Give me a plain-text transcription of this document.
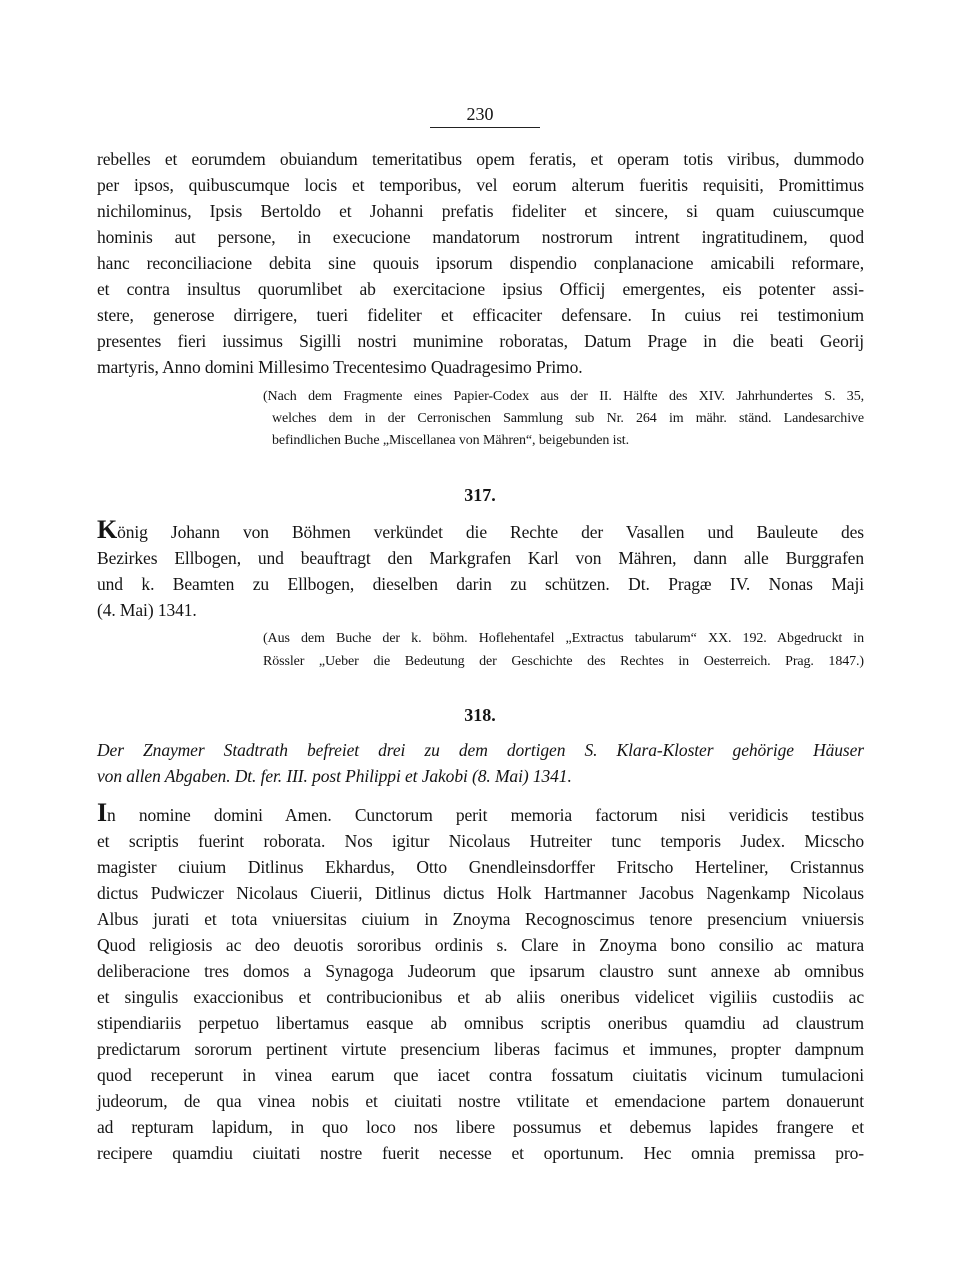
230
rebelles et eorumdem obuiandum temeritatibus opem feratis, et operam totis viribus, dummodo
per ipsos, quibuscumque locis et temporibus, vel eorum alterum fueritis requisiti, Promittimus
nichilominus, Ipsis Bertoldo et Johanni prefatis fideliter et sincere, si quam cuiuscumque
hominis aut persone, in execucione mandatorum nostrorum intrent ingratitudinem, quod
hanc reconciliacione debita sine quouis ipsorum dispendio conplanacione amicabili reformare,
et contra insultus quorumlibet ab exercitacione ipsius Officij emergentes, eis potenter assi-
stere, generose dirrigere, tueri fideliter et efficaciter defensare. In cuius rei testimonium
presentes fieri iussimus Sigilli nostri munimine roboratas, Datum Prage in die beati Georij
martyris, Anno domini Millesimo Trecentesimo Quadragesimo Primo.
(Nach dem Fragmente eines Papier-Codex aus der II. Hälfte des XIV. Jahrhundertes S. 35,
welches dem in der Cerronischen Sammlung sub Nr. 264 im mähr. ständ. Landesarchive
befindlichen Buche „Miscellanea von Mähren“, beigebunden ist.
317.
König Johann von Böhmen verkündet die Rechte der Vasallen und Bauleute des
Bezirkes Ellbogen, und beauftragt den Markgrafen Karl von Mähren, dann alle Burggrafen
und k. Beamten zu Ellbogen, dieselben darin zu schützen. Dt. Pragæ IV. Nonas Maji
(4. Mai) 1341.
(Aus dem Buche der k. böhm. Hoflehentafel „Extractus tabularum“ XX. 192. Abgedruckt in
Rössler „Ueber die Bedeutung der Geschichte des Rechtes in Oesterreich. Prag. 1847.)
318.
Der Znaymer Stadtrath befreiet drei zu dem dortigen S. Klara-Kloster gehörige Häuser
von allen Abgaben. Dt. fer. III. post Philippi et Jakobi (8. Mai) 1341.
In nomine domini Amen. Cunctorum perit memoria factorum nisi veridicis testibus
et scriptis fuerint roborata. Nos igitur Nicolaus Hutreiter tunc temporis Judex. Micscho
magister ciuium Ditlinus Ekhardus, Otto Gnendleinsdorffer Fritscho Herteliner, Cristannus
dictus Pudwiczer Nicolaus Ciuerii, Ditlinus dictus Holk Hartmanner Jacobus Nagenkamp Nicolaus
Albus jurati et tota vniuersitas ciuium in Znoyma Recognoscimus tenore presencium vniuersis
Quod religiosis ac deo deuotis sororibus ordinis s. Clare in Znoyma bono consilio ac matura
deliberacione tres domos a Synagoga Judeorum que ipsarum claustro sunt annexe ab omnibus
et singulis exaccionibus et contribucionibus et ab aliis oneribus videlicet vigiliis custodiis ac
stipendiariis perpetuo libertamus easque ab omnibus scriptis oneribus quamdiu ad claustrum
predictarum sororum pertinent virtute presencium liberas facimus et immunes, propter dampnum
quod receperunt in vinea earum que iacet contra fossatum ciuitatis vicinum tumulacioni
judeorum, de qua vinea nobis et ciuitati nostre vtilitate et emendacione partem donauerunt
ad repturam lapidum, in quo loco nos libere possumus et debemus lapides frangere et
recipere quamdiu ciuitati nostre fuerit necesse et oportunum. Hec omnia premissa pro-
